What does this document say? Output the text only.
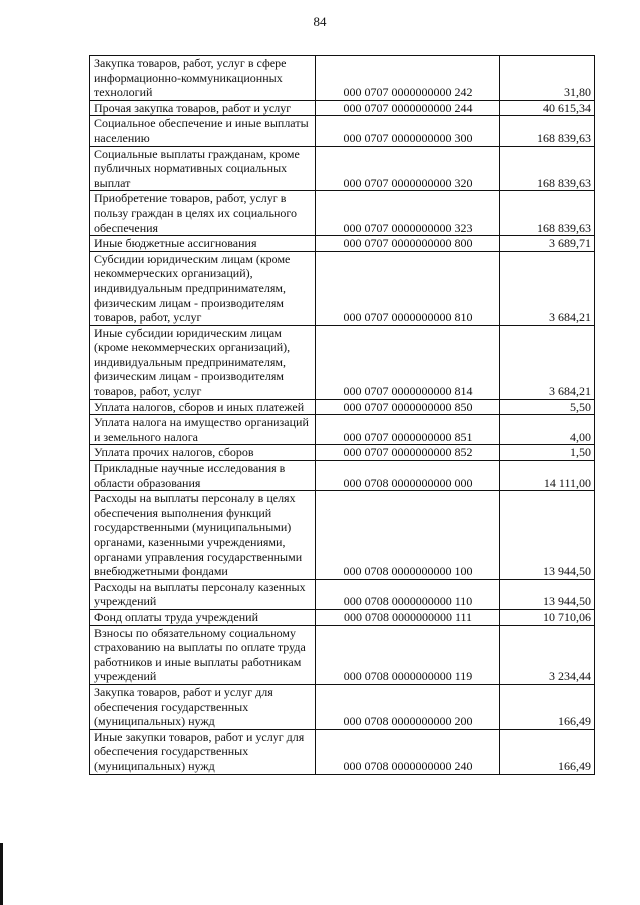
84
Закупка товаров, работ, услуг в сфере информационно-коммуникационных технологий	000 0707 0000000000 242	31,80
Прочая закупка товаров, работ и услуг	000 0707 0000000000 244	40 615,34
Социальное обеспечение и иные выплаты населению	000 0707 0000000000 300	168 839,63
Социальные выплаты гражданам, кроме публичных нормативных социальных выплат	000 0707 0000000000 320	168 839,63
Приобретение товаров, работ, услуг в пользу граждан в целях их социального обеспечения	000 0707 0000000000 323	168 839,63
Иные бюджетные ассигнования	000 0707 0000000000 800	3 689,71
Субсидии юридическим лицам (кроме некоммерческих организаций), индивидуальным предпринимателям, физическим лицам - производителям товаров, работ, услуг	000 0707 0000000000 810	3 684,21
Иные субсидии юридическим лицам (кроме некоммерческих организаций), индивидуальным предпринимателям, физическим лицам - производителям товаров, работ, услуг	000 0707 0000000000 814	3 684,21
Уплата налогов, сборов и иных платежей	000 0707 0000000000 850	5,50
Уплата налога на имущество организаций и земельного налога	000 0707 0000000000 851	4,00
Уплата прочих налогов, сборов	000 0707 0000000000 852	1,50
Прикладные научные исследования в области образования	000 0708 0000000000 000	14 111,00
Расходы на выплаты персоналу в целях обеспечения выполнения функций государственными (муниципальными) органами, казенными учреждениями, органами управления государственными внебюджетными фондами	000 0708 0000000000 100	13 944,50
Расходы на выплаты персоналу казенных учреждений	000 0708 0000000000 110	13 944,50
Фонд оплаты труда учреждений	000 0708 0000000000 111	10 710,06
Взносы по обязательному социальному страхованию на выплаты по оплате труда работников и иные выплаты работникам учреждений	000 0708 0000000000 119	3 234,44
Закупка товаров, работ и услуг для обеспечения государственных (муниципальных) нужд	000 0708 0000000000 200	166,49
Иные закупки товаров, работ и услуг для обеспечения государственных (муниципальных) нужд	000 0708 0000000000 240	166,49
